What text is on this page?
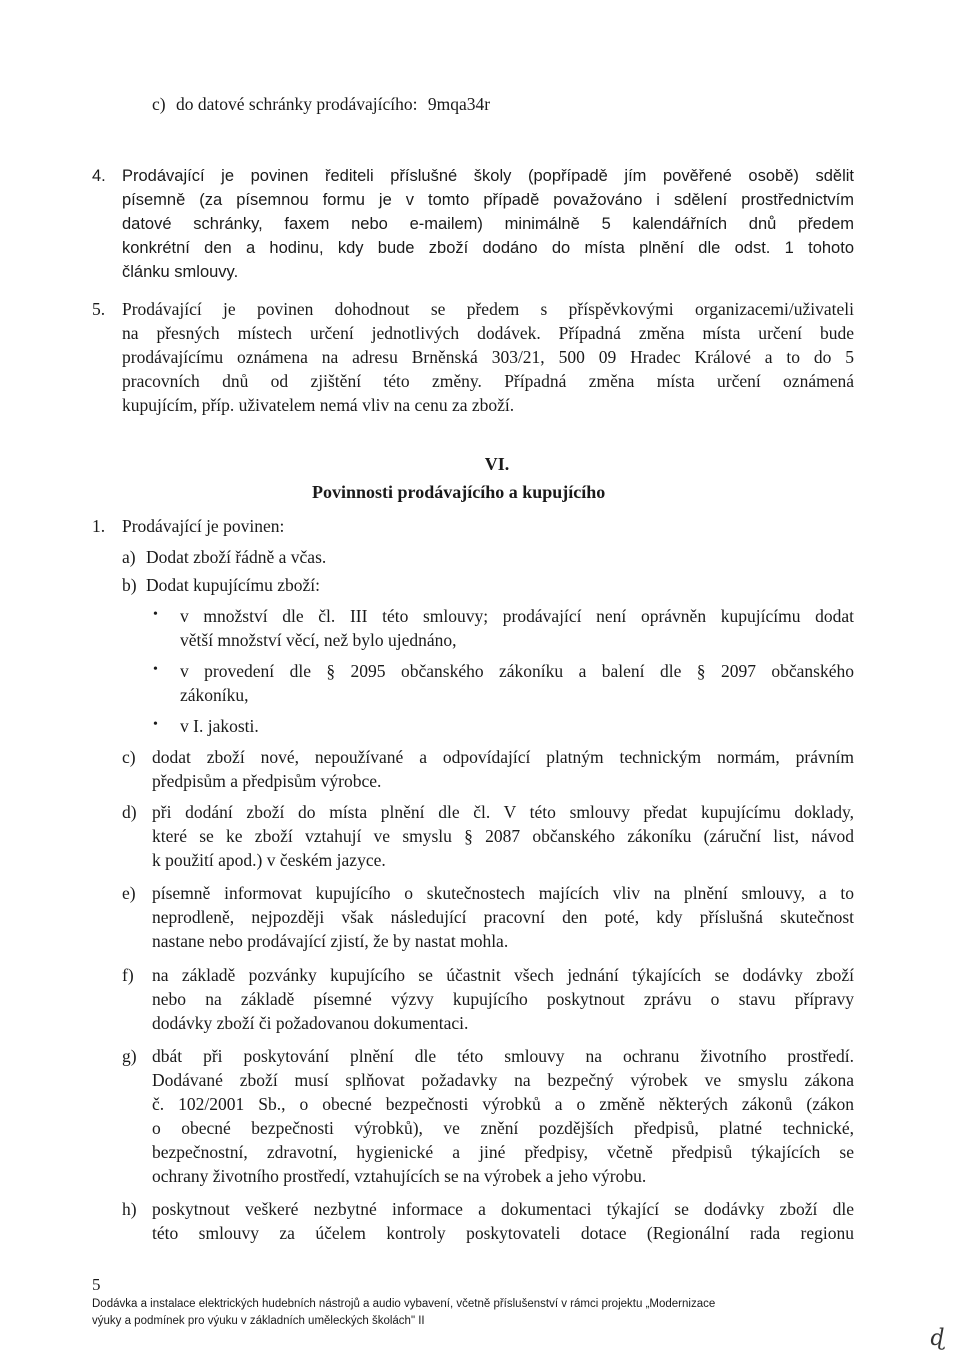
c) do datové schránky prodávajícího: 9mqa34r
4. Prodávající je povinen řediteli příslušné školy (popřípadě jím pověřené osobě) sdělit
písemně (za písemnou formu je v tomto případě považováno i sdělení prostřednictvím
datové schránky, faxem nebo e-mailem) minimálně 5 kalendářních dnů předem
konkrétní den a hodinu, kdy bude zboží dodáno do místa plnění dle odst. 1 tohoto
článku smlouvy.
5. Prodávající je povinen dohodnout se předem s příspěvkovými organizacemi/uživateli
na přesných místech určení jednotlivých dodávek. Případná změna místa určení bude
prodávajícímu oznámena na adresu Brněnská 303/21, 500 09 Hradec Králové a to do 5
pracovních dnů od zjištění této změny. Případná změna místa určení oznámená
kupujícím, příp. uživatelem nemá vliv na cenu za zboží.
VI.
Povinnosti prodávajícího a kupujícího
1. Prodávající je povinen:
a) Dodat zboží řádně a včas.
b) Dodat kupujícímu zboží:
• v množství dle čl. III této smlouvy; prodávající není oprávněn kupujícímu dodat
větší množství věcí, než bylo ujednáno,
• v provedení dle § 2095 občanského zákoníku a balení dle § 2097 občanského
zákoníku,
• v I. jakosti.
c) dodat zboží nové, nepoužívané a odpovídající platným technickým normám, právním
předpisům a předpisům výrobce.
d) při dodání zboží do místa plnění dle čl. V této smlouvy předat kupujícímu doklady,
které se ke zboží vztahují ve smyslu § 2087 občanského zákoníku (záruční list, návod
k použití apod.) v českém jazyce.
e) písemně informovat kupujícího o skutečnostech majících vliv na plnění smlouvy, a to
neprodleně, nejpozději však následující pracovní den poté, kdy příslušná skutečnost
nastane nebo prodávající zjistí, že by nastat mohla.
f) na základě pozvánky kupujícího se účastnit všech jednání týkajících se dodávky zboží
nebo na základě písemné výzvy kupujícího poskytnout zprávu o stavu přípravy
dodávky zboží či požadovanou dokumentaci.
g) dbát při poskytování plnění dle této smlouvy na ochranu životního prostředí.
Dodávané zboží musí splňovat požadavky na bezpečný výrobek ve smyslu zákona
č. 102/2001 Sb., o obecné bezpečnosti výrobků a o změně některých zákonů (zákon
o obecné bezpečnosti výrobků), ve znění pozdějších předpisů, platné technické,
bezpečnostní, zdravotní, hygienické a jiné předpisy, včetně předpisů týkajících se
ochrany životního prostředí, vztahujících se na výrobek a jeho výrobu.
h) poskytnout veškeré nezbytné informace a dokumentaci týkající se dodávky zboží dle
této smlouvy za účelem kontroly poskytovateli dotace (Regionální rada regionu
5
Dodávka a instalace elektrických hudebních nástrojů a audio vybavení, včetně příslušenství v rámci projektu „Modernizace
výuky a podmínek pro výuku v základních uměleckých školách" II
ɖ
